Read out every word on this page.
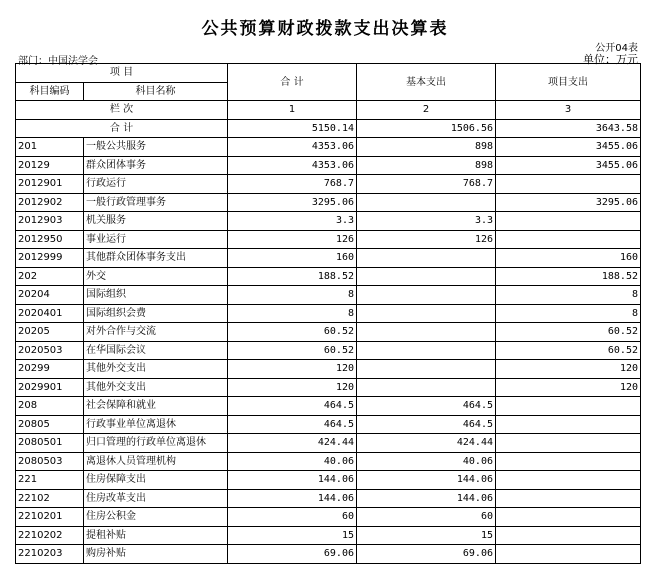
公共预算财政拨款支出决算表
公开04表
部门：中国法学会	单位：万元
项 目		合 计	基本支出	项目支出
科目编码	科目名称			
栏 次		1	2	3
合 计		5150.14	1506.56	3643.58
201	一般公共服务	4353.06	898	3455.06
20129	群众团体事务	4353.06	898	3455.06
2012901	行政运行	768.7	768.7	
2012902	一般行政管理事务	3295.06		3295.06
2012903	机关服务	3.3	3.3	
2012950	事业运行	126	126	
2012999	其他群众团体事务支出	160		160
202	外交	188.52		188.52
20204	国际组织	8		8
2020401	国际组织会费	8		8
20205	对外合作与交流	60.52		60.52
2020503	在华国际会议	60.52		60.52
20299	其他外交支出	120		120
2029901	其他外交支出	120		120
208	社会保障和就业	464.5	464.5	
20805	行政事业单位离退休	464.5	464.5	
2080501	归口管理的行政单位离退休	424.44	424.44	
2080503	离退休人员管理机构	40.06	40.06	
221	住房保障支出	144.06	144.06	
22102	住房改革支出	144.06	144.06	
2210201	住房公积金	60	60	
2210202	提租补贴	15	15	
2210203	购房补贴	69.06	69.06	
